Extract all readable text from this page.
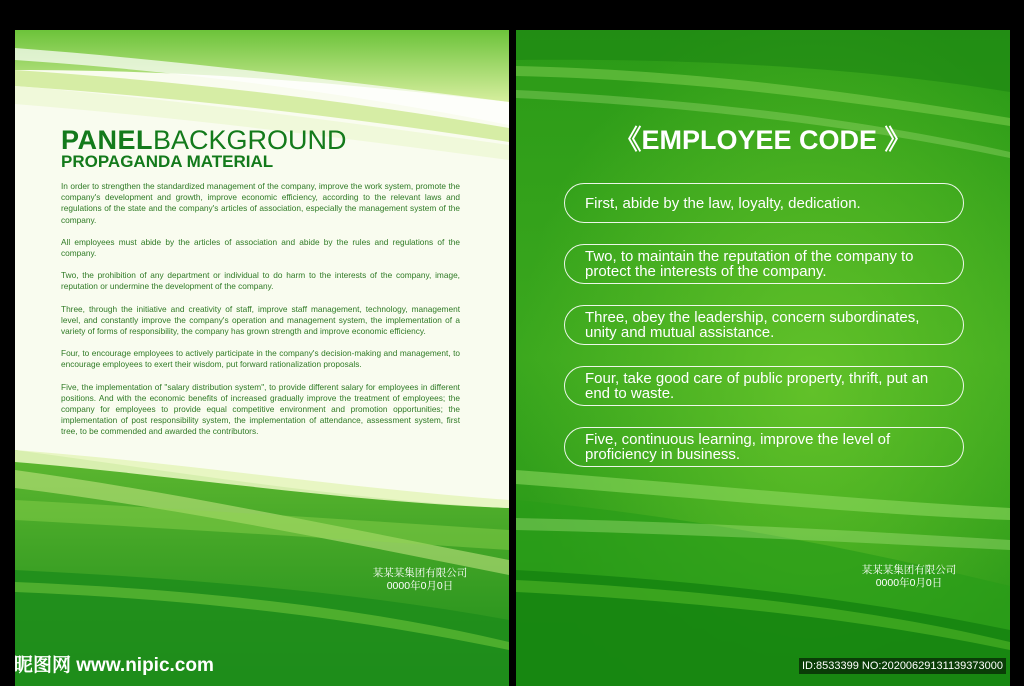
PANELBACKGROUND
PROPAGANDA MATERIAL

In order to strengthen the standardized management of the company, improve the work system, promote the company's development and growth, improve economic efficiency, according to the relevant laws and regulations of the state and the company's articles of association, especially the management system of the company.

All employees must abide by the articles of association and abide by the rules and regulations of the company.

Two, the prohibition of any department or individual to do harm to the interests of the company, image, reputation or undermine the development of the company.

Three, through the initiative and creativity of staff, improve staff management, technology, management level, and constantly improve the company's operation and management system, the implementation of a variety of forms of responsibility, the company has grown strength and improve economic efficiency.

Four, to encourage employees to actively participate in the company's decision-making and management, to encourage employees to exert their wisdom, put forward rationalization proposals.

Five, the implementation of "salary distribution system", to provide different salary for employees in different positions. And with the economic benefits of increased gradually improve the treatment of employees; the company for employees to provide equal competitive environment and promotion opportunities; the implementation of post responsibility system, the implementation of attendance, assessment system, first tree, to be commended and awarded the contributors.

某某某集团有限公司
0000年0月0日
《EMPLOYEE CODE 》
First, abide by the law, loyalty, dedication.
Two, to maintain the reputation of the company to protect the interests of the company.
Three, obey the leadership, concern subordinates, unity and mutual assistance.
Four, take good care of public property, thrift, put an end to waste.
Five, continuous learning, improve the level of proficiency in business.
某某某集团有限公司
0000年0月0日
昵图网 www.nipic.com	ID:8533399 NO:20200629131139373000
